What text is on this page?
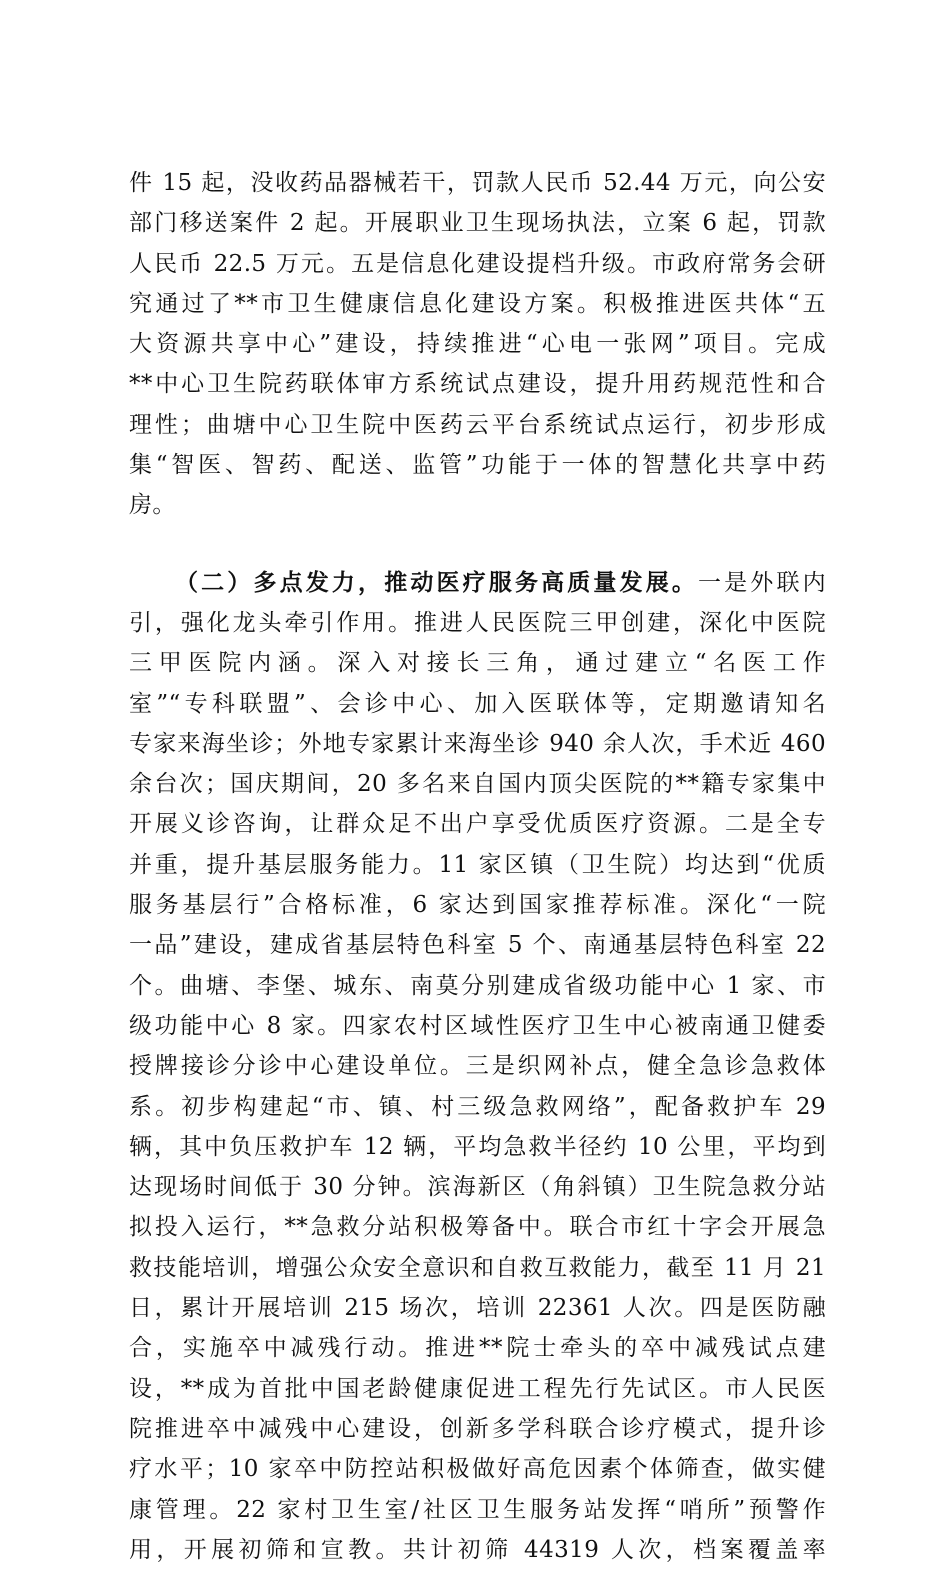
件 15 起，没收药品器械若干，罚款人民币 52.44 万元，向公安
部门移送案件 2 起。开展职业卫生现场执法，立案 6 起，罚款
人民币 22.5 万元。五是信息化建设提档升级。市政府常务会研
究通过了**市卫生健康信息化建设方案。积极推进医共体“五
大资源共享中心”建设，持续推进“心电一张网”项目。完成
**中心卫生院药联体审方系统试点建设，提升用药规范性和合
理性；曲塘中心卫生院中医药云平台系统试点运行，初步形成
集“智医、智药、配送、监管”功能于一体的智慧化共享中药
房。
（二）多点发力，推动医疗服务高质量发展。一是外联内
引，强化龙头牵引作用。推进人民医院三甲创建，深化中医院
三甲医院内涵。深入对接长三角，通过建立“名医工作
室”“专科联盟”、会诊中心、加入医联体等，定期邀请知名
专家来海坐诊；外地专家累计来海坐诊 940 余人次，手术近 460
余台次；国庆期间，20 多名来自国内顶尖医院的**籍专家集中
开展义诊咨询，让群众足不出户享受优质医疗资源。二是全专
并重，提升基层服务能力。11 家区镇（卫生院）均达到“优质
服务基层行”合格标准，6 家达到国家推荐标准。深化“一院
一品”建设，建成省基层特色科室 5 个、南通基层特色科室 22
个。曲塘、李堡、城东、南莫分别建成省级功能中心 1 家、市
级功能中心 8 家。四家农村区域性医疗卫生中心被南通卫健委
授牌接诊分诊中心建设单位。三是织网补点，健全急诊急救体
系。初步构建起“市、镇、村三级急救网络”，配备救护车 29
辆，其中负压救护车 12 辆，平均急救半径约 10 公里，平均到
达现场时间低于 30 分钟。滨海新区（角斜镇）卫生院急救分站
拟投入运行，**急救分站积极筹备中。联合市红十字会开展急
救技能培训，增强公众安全意识和自救互救能力，截至 11 月 21
日，累计开展培训 215 场次，培训 22361 人次。四是医防融
合，实施卒中减残行动。推进**院士牵头的卒中减残试点建
设，**成为首批中国老龄健康促进工程先行先试区。市人民医
院推进卒中减残中心建设，创新多学科联合诊疗模式，提升诊
疗水平；10 家卒中防控站积极做好高危因素个体筛查，做实健
康管理。22 家村卫生室/社区卫生服务站发挥“哨所”预警作
用，开展初筛和宣教。共计初筛 44319 人次，档案覆盖率
